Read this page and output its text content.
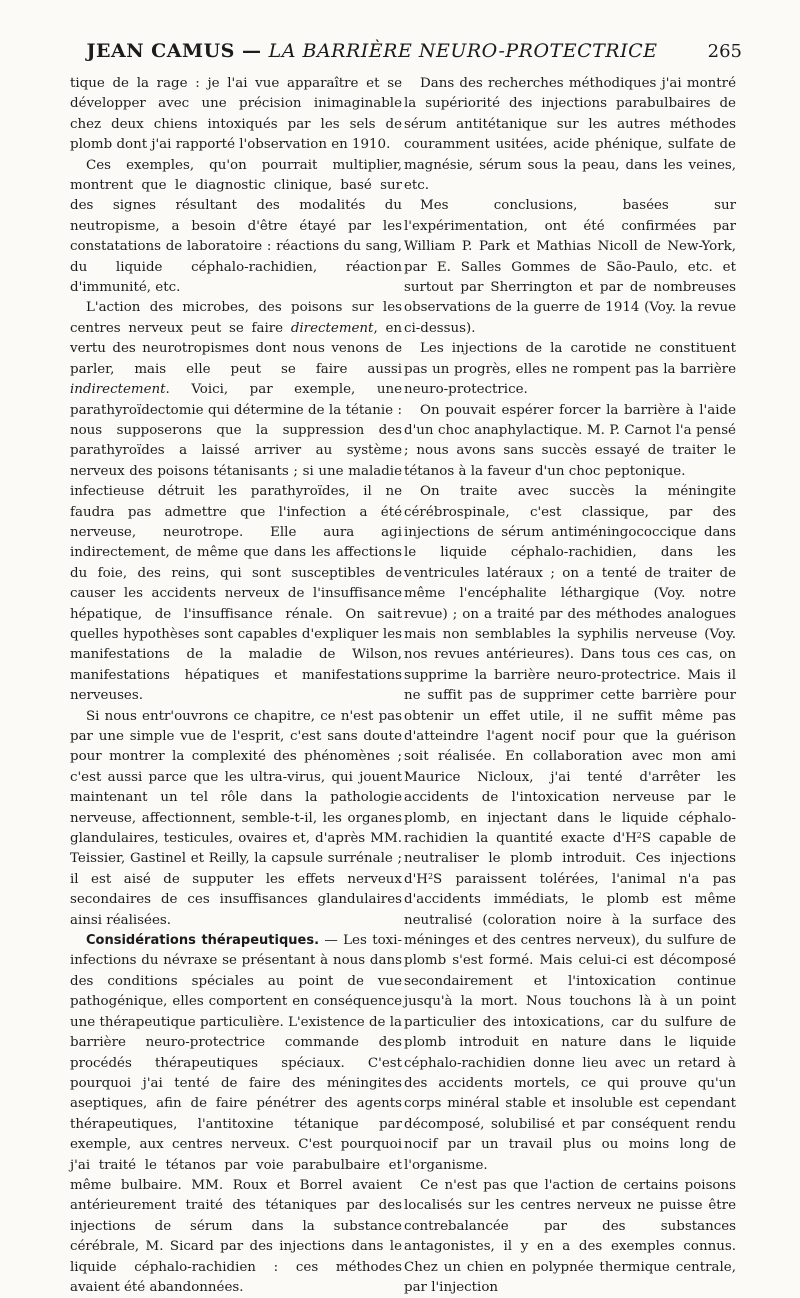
JEAN CAMUS — LA BARRIÈRE NEURO-PROTECTRICE	265

tique de la rage : je l'ai vue apparaître et se développer avec une précision inimaginable chez deux chiens intoxiqués par les sels de plomb dont j'ai rapporté l'observation en 1910.

Ces exemples, qu'on pourrait multiplier, montrent que le diagnostic clinique, basé sur des signes résultant des modalités du neutropisme, a besoin d'être étayé par les constatations de laboratoire : réactions du sang, du liquide céphalo-rachidien, réaction d'immunité, etc.

L'action des microbes, des poisons sur les centres nerveux peut se faire directement, en vertu des neurotropismes dont nous venons de parler, mais elle peut se faire aussi indirectement. Voici, par exemple, une parathyroïdectomie qui détermine de la tétanie : nous supposerons que la suppression des parathyroïdes a laissé arriver au système nerveux des poisons tétanisants ; si une maladie infectieuse détruit les parathyroïdes, il ne faudra pas admettre que l'infection a été nerveuse, neurotrope. Elle aura agi indirectement, de même que dans les affections du foie, des reins, qui sont susceptibles de causer les accidents nerveux de l'insuffisance hépatique, de l'insuffisance rénale. On sait quelles hypothèses sont capables d'expliquer les manifestations de la maladie de Wilson, manifestations hépatiques et manifestations nerveuses.

Si nous entr'ouvrons ce chapitre, ce n'est pas par une simple vue de l'esprit, c'est sans doute pour montrer la complexité des phénomènes ; c'est aussi parce que les ultra-virus, qui jouent maintenant un tel rôle dans la pathologie nerveuse, affectionnent, semble-t-il, les organes glandulaires, testicules, ovaires et, d'après MM. Teissier, Gastinel et Reilly, la capsule surrénale ; il est aisé de supputer les effets nerveux secondaires de ces insuffisances glandulaires ainsi réalisées.

Considérations thérapeutiques. — Les toxi-infections du névraxe se présentant à nous dans des conditions spéciales au point de vue pathogénique, elles comportent en conséquence une thérapeutique particulière. L'existence de la barrière neuro-protectrice commande des procédés thérapeutiques spéciaux. C'est pourquoi j'ai tenté de faire des méningites aseptiques, afin de faire pénétrer des agents thérapeutiques, l'antitoxine tétanique par exemple, aux centres nerveux. C'est pourquoi j'ai traité le tétanos par voie parabulbaire et même bulbaire. MM. Roux et Borrel avaient antérieurement traité des tétaniques par des injections de sérum dans la substance cérébrale, M. Sicard par des injections dans le liquide céphalo-rachidien : ces méthodes avaient été abandonnées.

Dans des recherches méthodiques j'ai montré la supériorité des injections parabulbaires de sérum antitétanique sur les autres méthodes couramment usitées, acide phénique, sulfate de magnésie, sérum sous la peau, dans les veines, etc.

Mes conclusions, basées sur l'expérimentation, ont été confirmées par William P. Park et Mathias Nicoll de New-York, par E. Salles Gommes de São-Paulo, etc. et surtout par Sherrington et par de nombreuses observations de la guerre de 1914 (Voy. la revue ci-dessus).

Les injections de la carotide ne constituent pas un progrès, elles ne rompent pas la barrière neuro-protectrice.

On pouvait espérer forcer la barrière à l'aide d'un choc anaphylactique. M. P. Carnot l'a pensé ; nous avons sans succès essayé de traiter le tétanos à la faveur d'un choc peptonique.

On traite avec succès la méningite cérébrospinale, c'est classique, par des injections de sérum antiméningococcique dans le liquide céphalo-rachidien, dans les ventricules latéraux ; on a tenté de traiter de même l'encéphalite léthargique (Voy. notre revue) ; on a traité par des méthodes analogues mais non semblables la syphilis nerveuse (Voy. nos revues antérieures). Dans tous ces cas, on supprime la barrière neuro-protectrice. Mais il ne suffit pas de supprimer cette barrière pour obtenir un effet utile, il ne suffit même pas d'atteindre l'agent nocif pour que la guérison soit réalisée. En collaboration avec mon ami Maurice Nicloux, j'ai tenté d'arrêter les accidents de l'intoxication nerveuse par le plomb, en injectant dans le liquide céphalo-rachidien la quantité exacte $d'H^2S$ capable de neutraliser le plomb introduit. Ces injections $d'H^2S$ paraissent tolérées, l'animal n'a pas d'accidents immédiats, le plomb est même neutralisé (coloration noire à la surface des méninges et des centres nerveux), du sulfure de plomb s'est formé. Mais celui-ci est décomposé secondairement et l'intoxication continue jusqu'à la mort. Nous touchons là à un point particulier des intoxications, car du sulfure de plomb introduit en nature dans le liquide céphalo-rachidien donne lieu avec un retard à des accidents mortels, ce qui prouve qu'un corps minéral stable et insoluble est cependant décomposé, solubilisé et par conséquent rendu nocif par un travail plus ou moins long de l'organisme.

Ce n'est pas que l'action de certains poisons localisés sur les centres nerveux ne puisse être contrebalancée par des substances antagonistes, il y en a des exemples connus. Chez un chien en polypnée thermique centrale, par l'injection
